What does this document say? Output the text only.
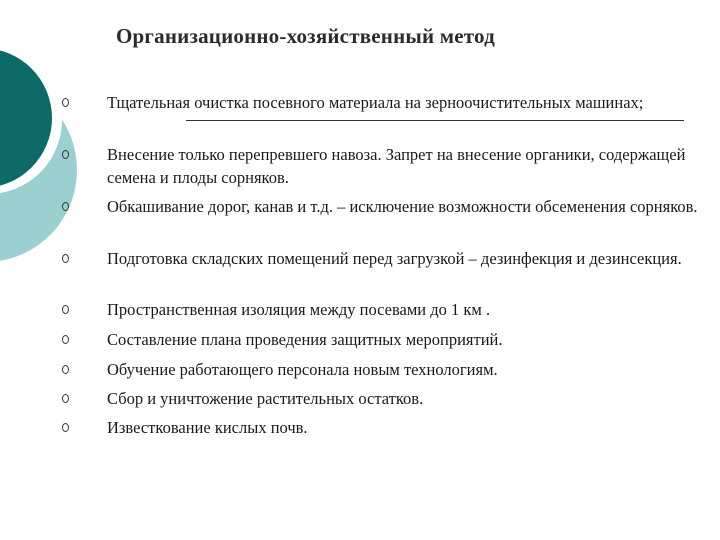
Организационно-хозяйственный метод
Тщательная очистка посевного материала на зерноочистительных машинах;
Внесение только перепревшего навоза. Запрет на внесение органики, содержащей семена и плоды сорняков.
Обкашивание дорог, канав и т.д. – исключение возможности обсеменения сорняков.
Подготовка складских помещений перед загрузкой – дезинфекция и дезинсекция.
Пространственная изоляция между посевами до 1 км .
Составление плана проведения защитных мероприятий.
Обучение работающего персонала новым технологиям.
Сбор и уничтожение растительных остатков.
Известкование кислых почв.
